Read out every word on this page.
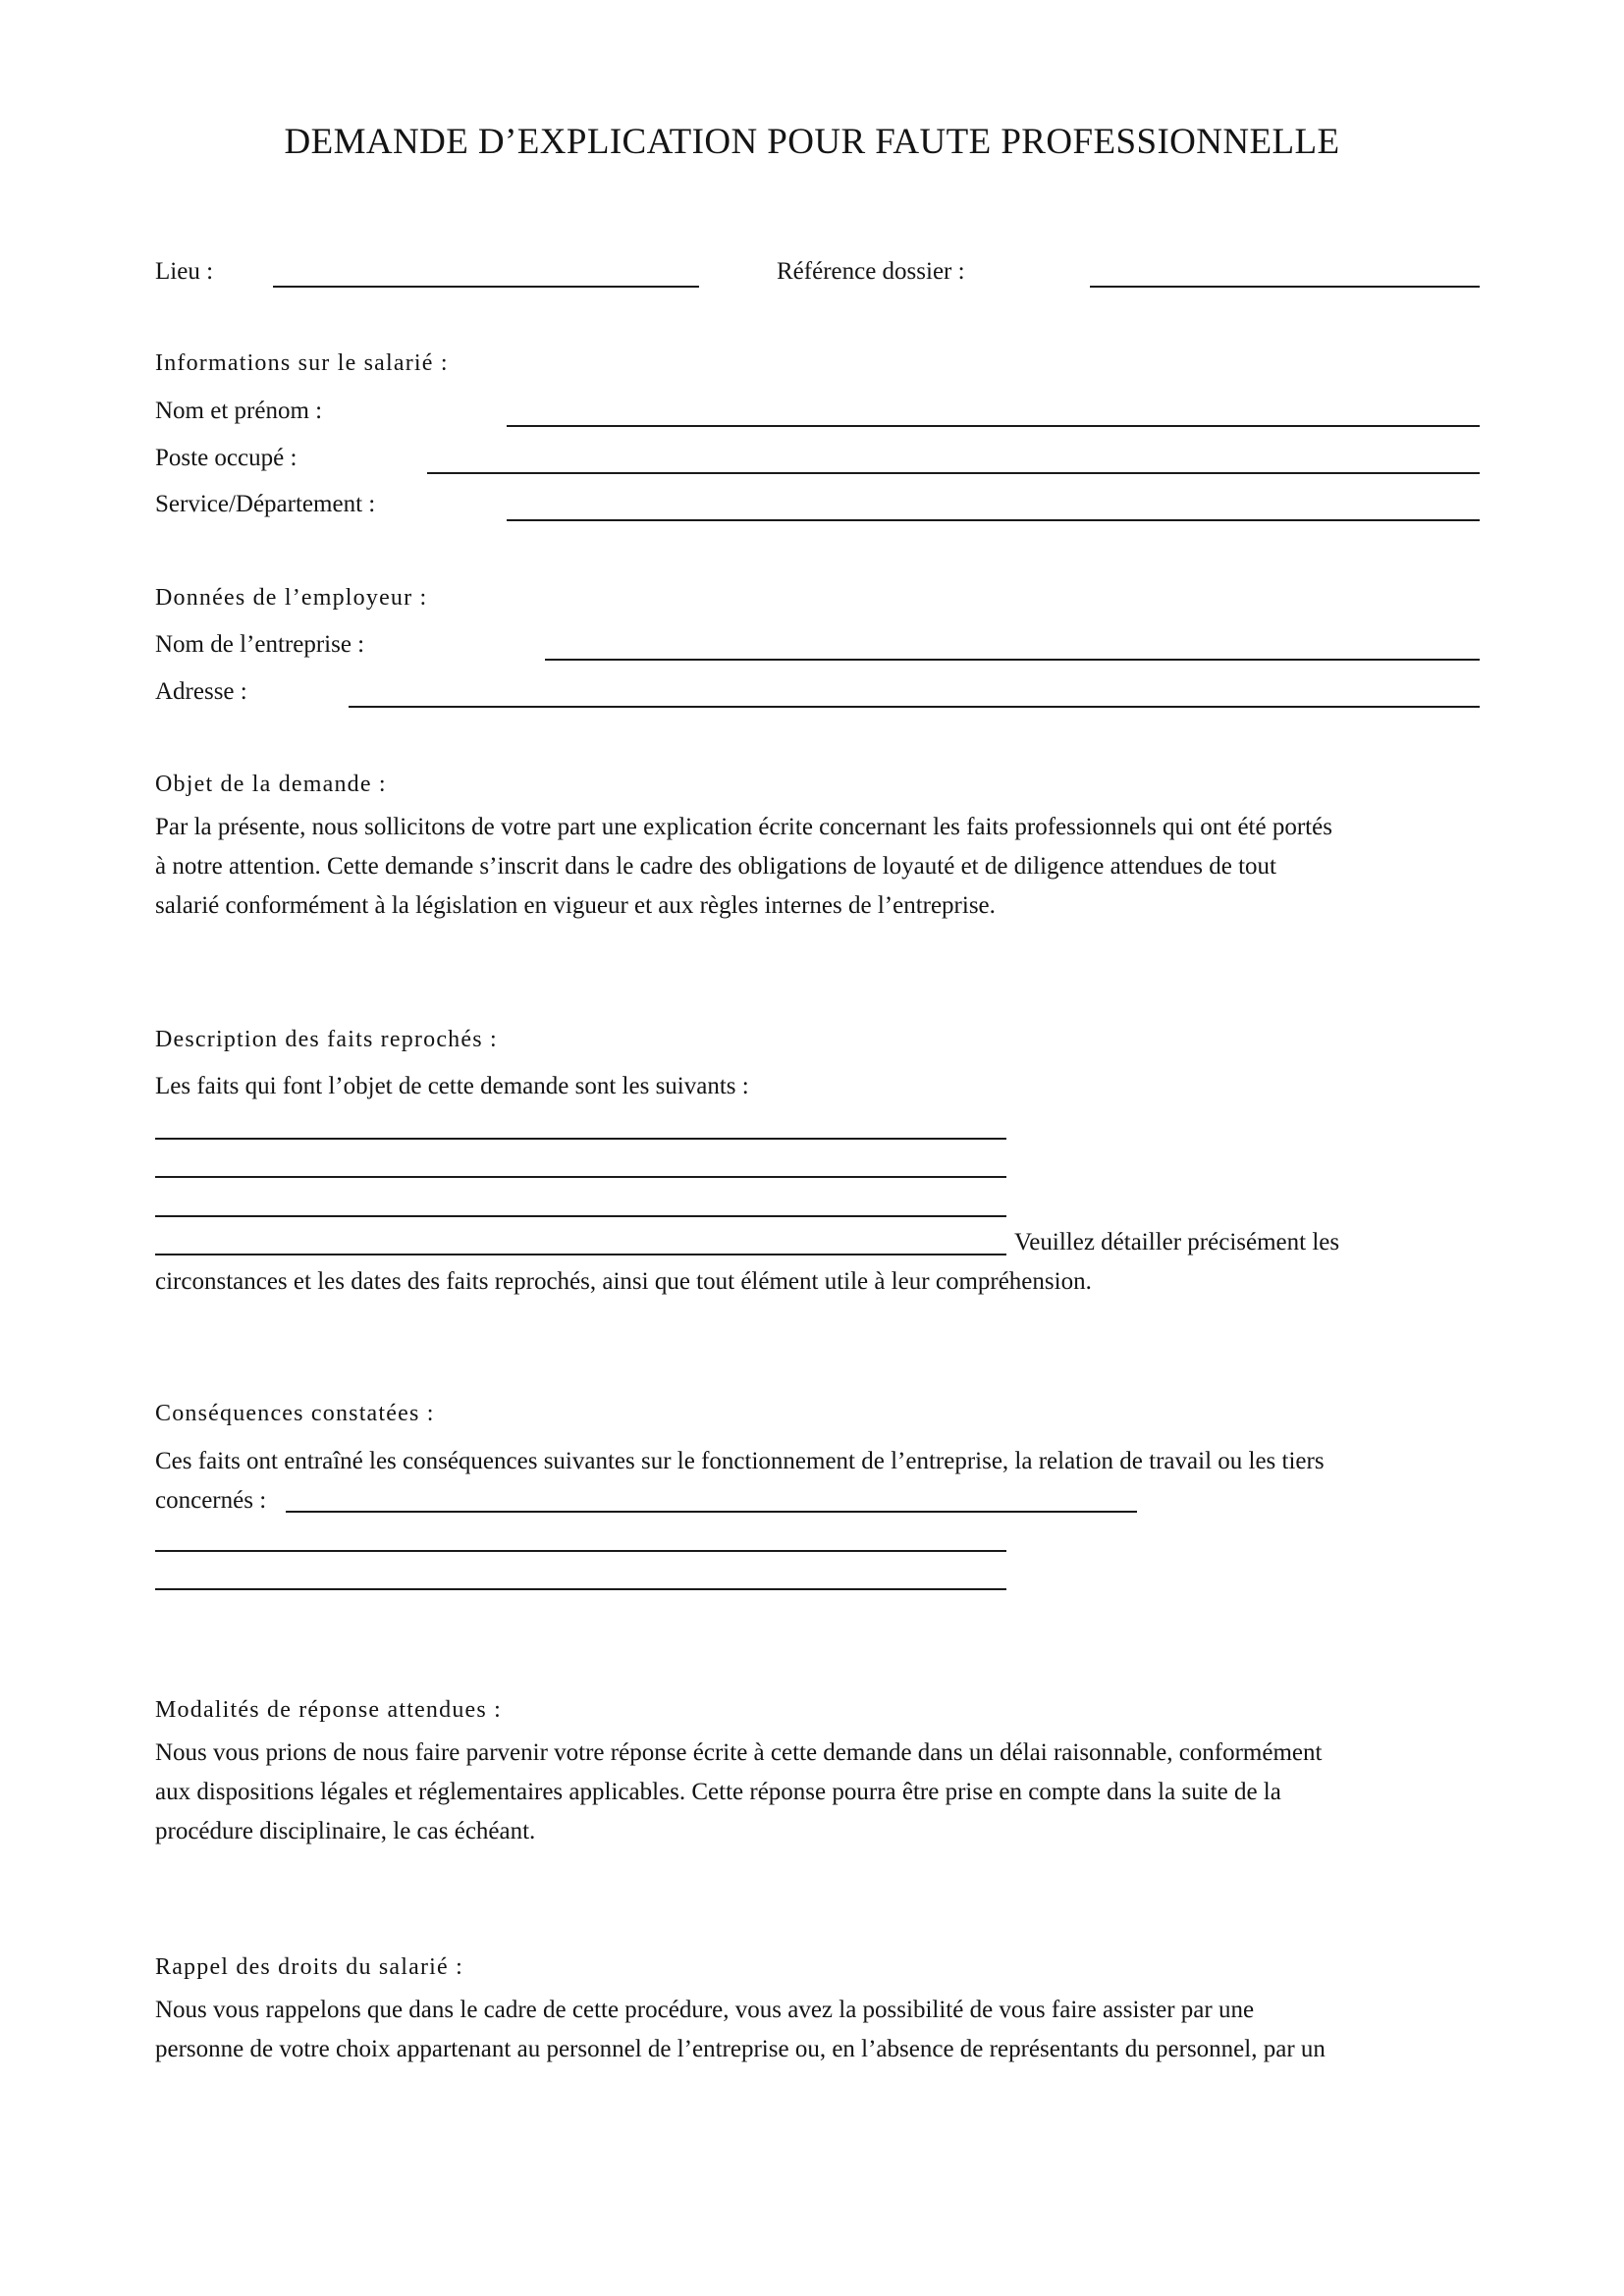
DEMANDE D’EXPLICATION POUR FAUTE PROFESSIONNELLE
Lieu :	Référence dossier :
Informations sur le salarié :
Nom et prénom :
Poste occupé :
Service/Département :
Données de l’employeur :
Nom de l’entreprise :
Adresse :
Objet de la demande :
Par la présente, nous sollicitons de votre part une explication écrite concernant les faits professionnels qui ont été portés
à notre attention. Cette demande s’inscrit dans le cadre des obligations de loyauté et de diligence attendues de tout
salarié conformément à la législation en vigueur et aux règles internes de l’entreprise.
Description des faits reprochés :
Les faits qui font l’objet de cette demande sont les suivants :
Veuillez détailler précisément les
circonstances et les dates des faits reprochés, ainsi que tout élément utile à leur compréhension.
Conséquences constatées :
Ces faits ont entraîné les conséquences suivantes sur le fonctionnement de l’entreprise, la relation de travail ou les tiers
concernés :
Modalités de réponse attendues :
Nous vous prions de nous faire parvenir votre réponse écrite à cette demande dans un délai raisonnable, conformément
aux dispositions légales et réglementaires applicables. Cette réponse pourra être prise en compte dans la suite de la
procédure disciplinaire, le cas échéant.
Rappel des droits du salarié :
Nous vous rappelons que dans le cadre de cette procédure, vous avez la possibilité de vous faire assister par une
personne de votre choix appartenant au personnel de l’entreprise ou, en l’absence de représentants du personnel, par un
